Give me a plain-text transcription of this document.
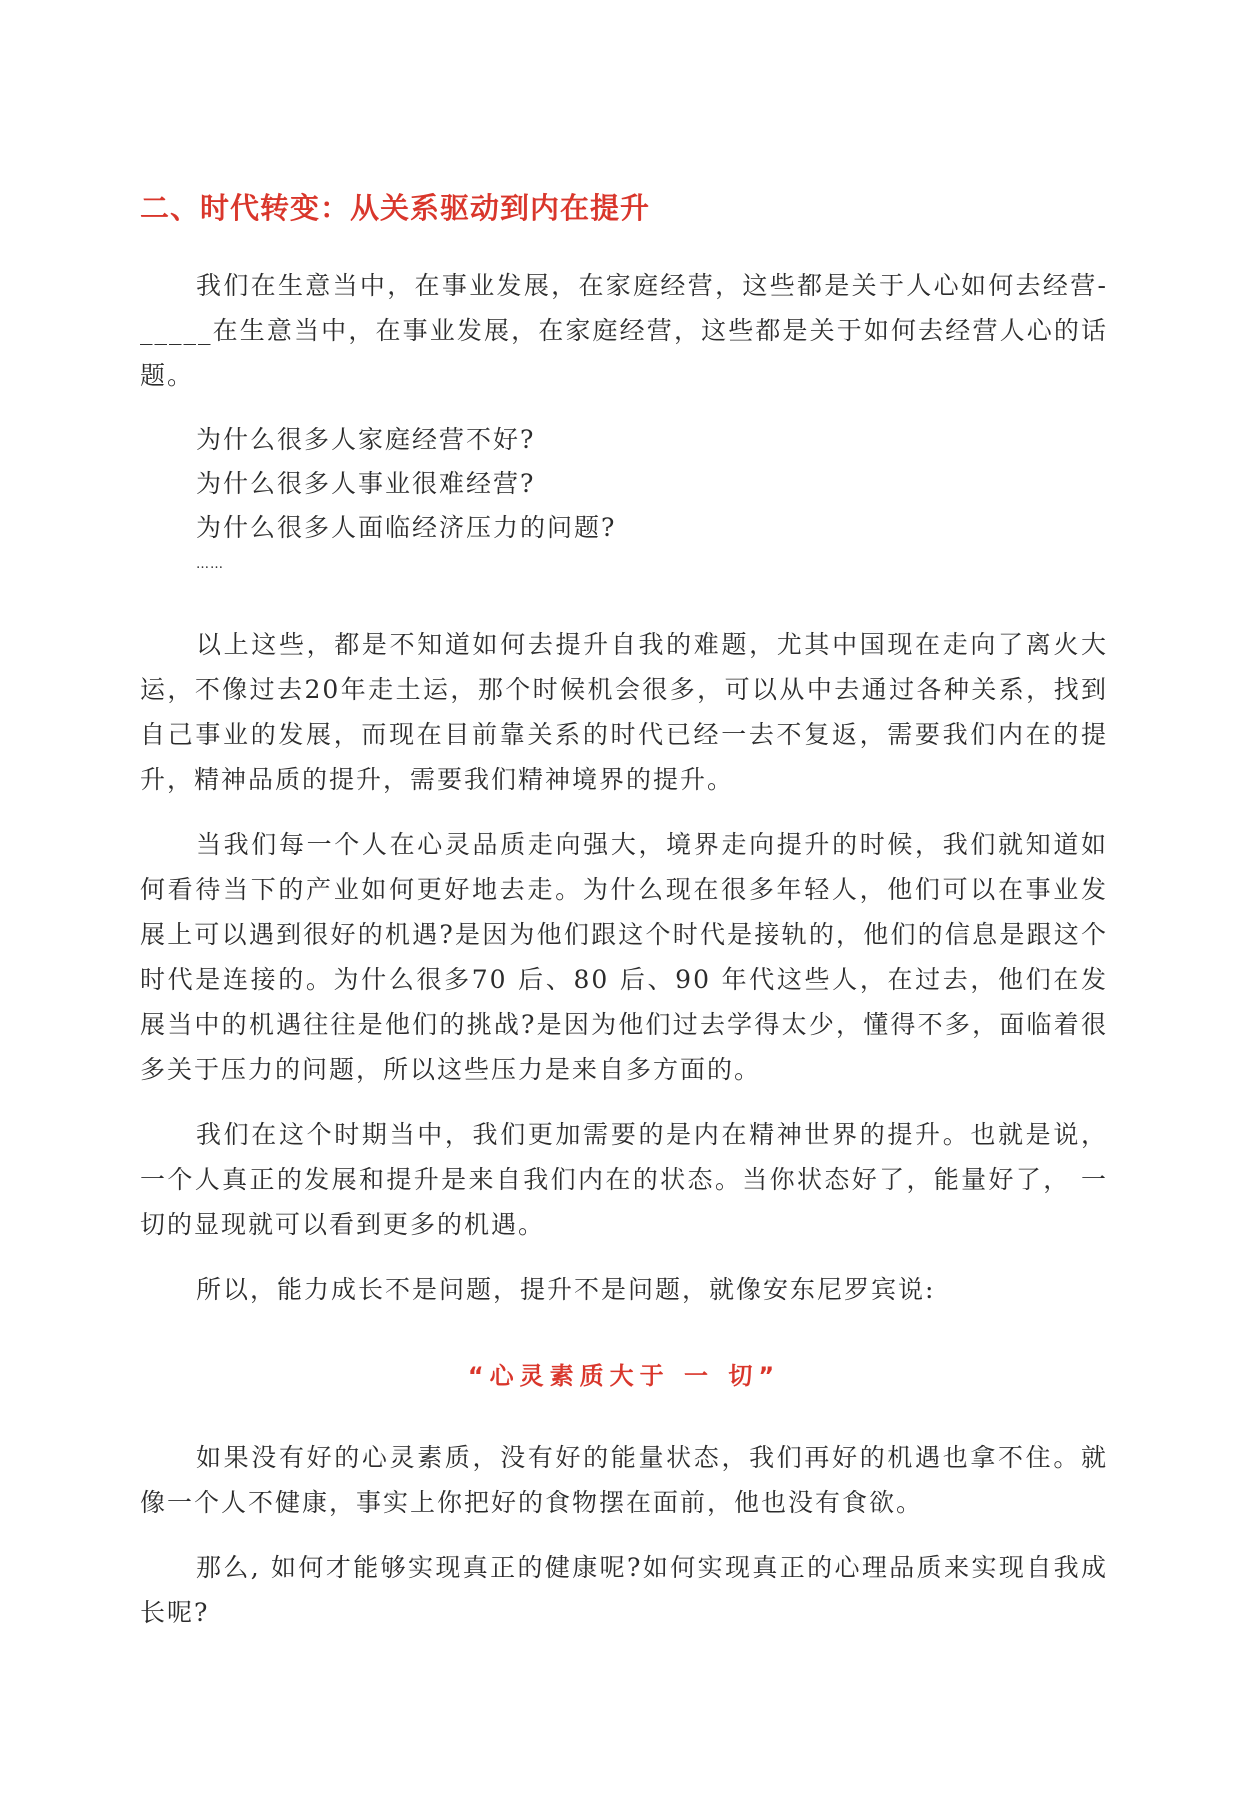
二、时代转变：从关系驱动到内在提升

我们在生意当中，在事业发展，在家庭经营，这些都是关于人心如何去经营-_____在生意当中，在事业发展，在家庭经营，这些都是关于如何去经营人心的话题。

为什么很多人家庭经营不好?
为什么很多人事业很难经营?
为什么很多人面临经济压力的问题?
……

以上这些，都是不知道如何去提升自我的难题，尤其中国现在走向了离火大运，不像过去20年走土运，那个时候机会很多，可以从中去通过各种关系，找到自己事业的发展，而现在目前靠关系的时代已经一去不复返，需要我们内在的提升，精神品质的提升，需要我们精神境界的提升。

当我们每一个人在心灵品质走向强大，境界走向提升的时候，我们就知道如何看待当下的产业如何更好地去走。为什么现在很多年轻人，他们可以在事业发展上可以遇到很好的机遇?是因为他们跟这个时代是接轨的，他们的信息是跟这个时代是连接的。为什么很多70 后、80 后、90 年代这些人，在过去，他们在发展当中的机遇往往是他们的挑战?是因为他们过去学得太少，懂得不多，面临着很多关于压力的问题，所以这些压力是来自多方面的。

我们在这个时期当中，我们更加需要的是内在精神世界的提升。也就是说，一个人真正的发展和提升是来自我们内在的状态。当你状态好了，能量好了， 一切的显现就可以看到更多的机遇。

所以，能力成长不是问题，提升不是问题，就像安东尼罗宾说:

“心灵素质大于 一 切”

如果没有好的心灵素质，没有好的能量状态，我们再好的机遇也拿不住。就像一个人不健康，事实上你把好的食物摆在面前，他也没有食欲。

那么, 如何才能够实现真正的健康呢?如何实现真正的心理品质来实现自我成长呢?
